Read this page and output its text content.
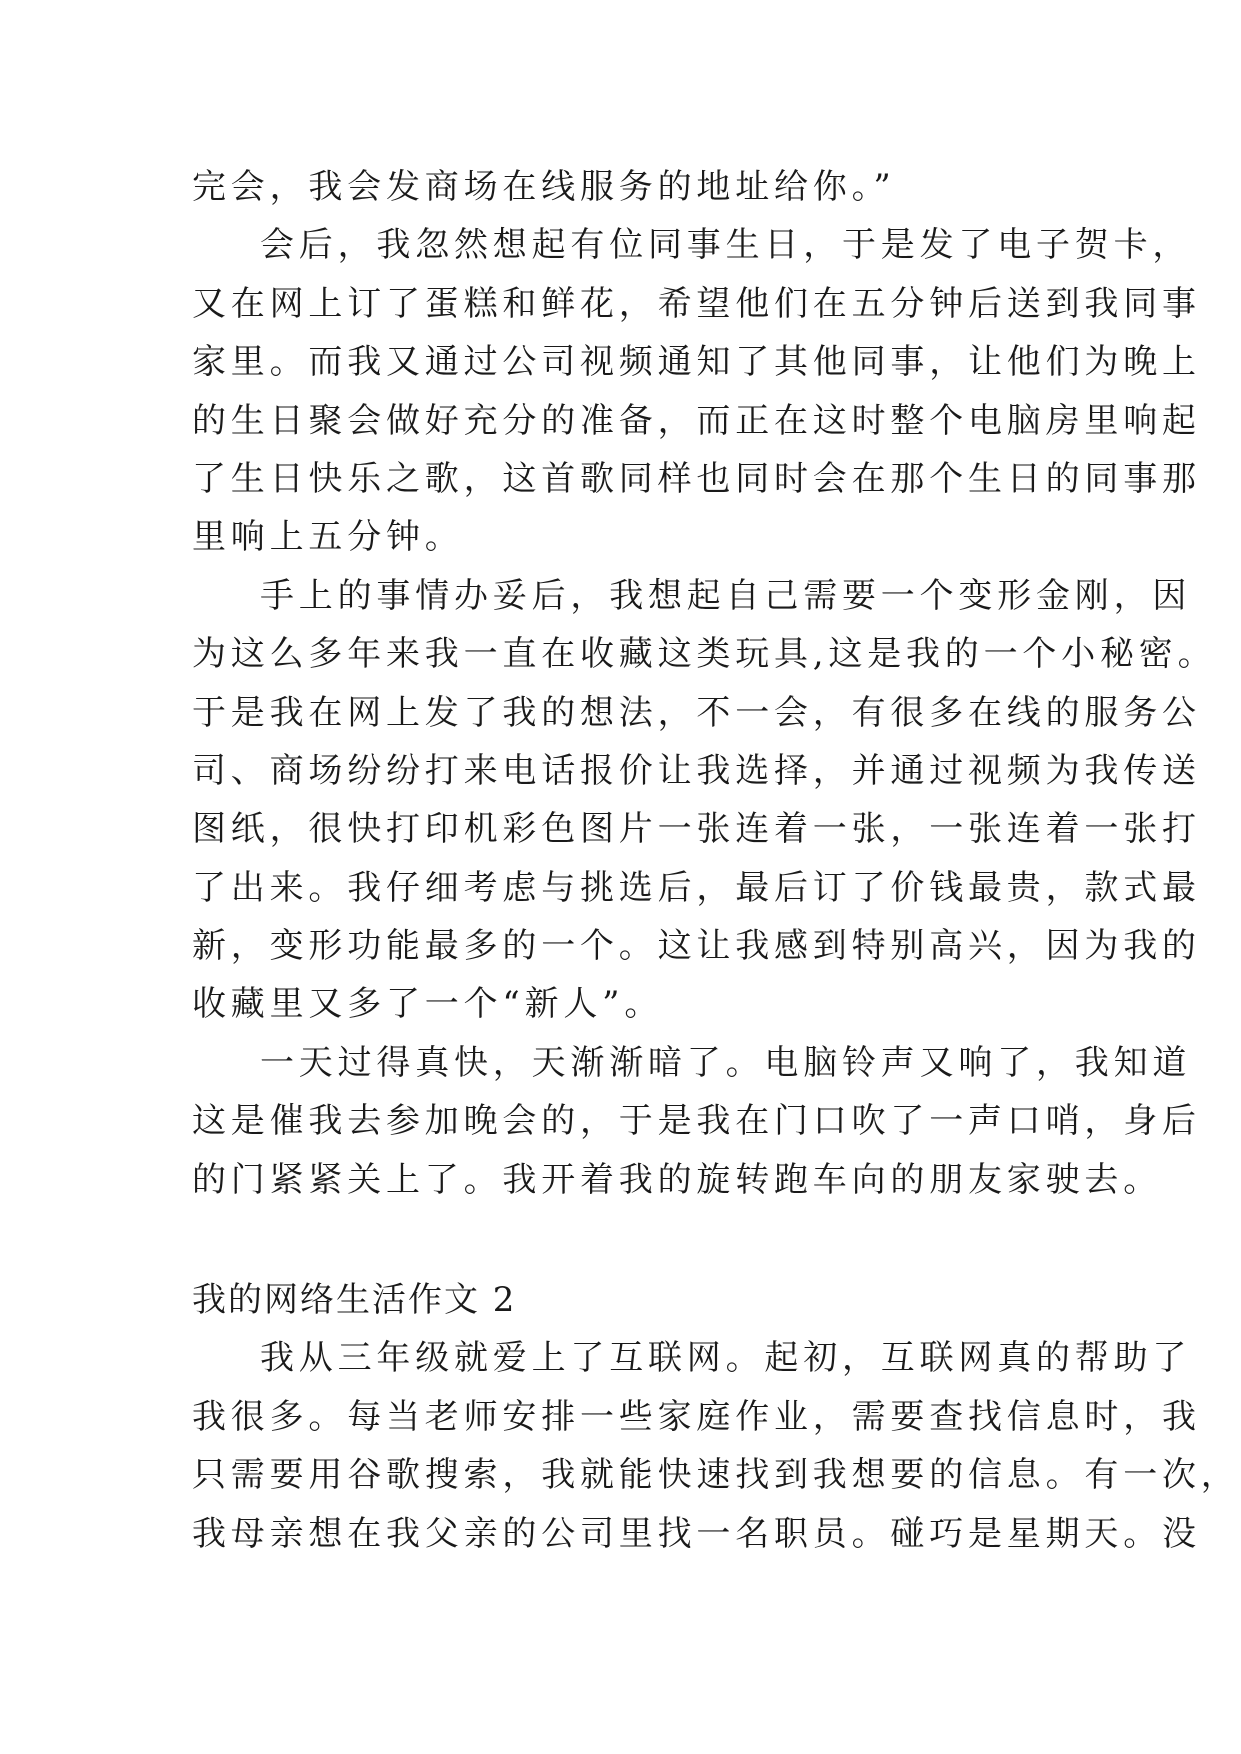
完会，我会发商场在线服务的地址给你。”
会后，我忽然想起有位同事生日，于是发了电子贺卡，
又在网上订了蛋糕和鲜花，希望他们在五分钟后送到我同事
家里。而我又通过公司视频通知了其他同事，让他们为晚上
的生日聚会做好充分的准备，而正在这时整个电脑房里响起
了生日快乐之歌，这首歌同样也同时会在那个生日的同事那
里响上五分钟。
手上的事情办妥后，我想起自己需要一个变形金刚，因
为这么多年来我一直在收藏这类玩具,这是我的一个小秘密。
于是我在网上发了我的想法，不一会，有很多在线的服务公
司、商场纷纷打来电话报价让我选择，并通过视频为我传送
图纸，很快打印机彩色图片一张连着一张，一张连着一张打
了出来。我仔细考虑与挑选后，最后订了价钱最贵，款式最
新，变形功能最多的一个。这让我感到特别高兴，因为我的
收藏里又多了一个“新人”。
一天过得真快，天渐渐暗了。电脑铃声又响了，我知道
这是催我去参加晚会的，于是我在门口吹了一声口哨，身后
的门紧紧关上了。我开着我的旋转跑车向的朋友家驶去。
我的网络生活作文 2
我从三年级就爱上了互联网。起初，互联网真的帮助了
我很多。每当老师安排一些家庭作业，需要查找信息时，我
只需要用谷歌搜索，我就能快速找到我想要的信息。有一次，
我母亲想在我父亲的公司里找一名职员。碰巧是星期天。没
